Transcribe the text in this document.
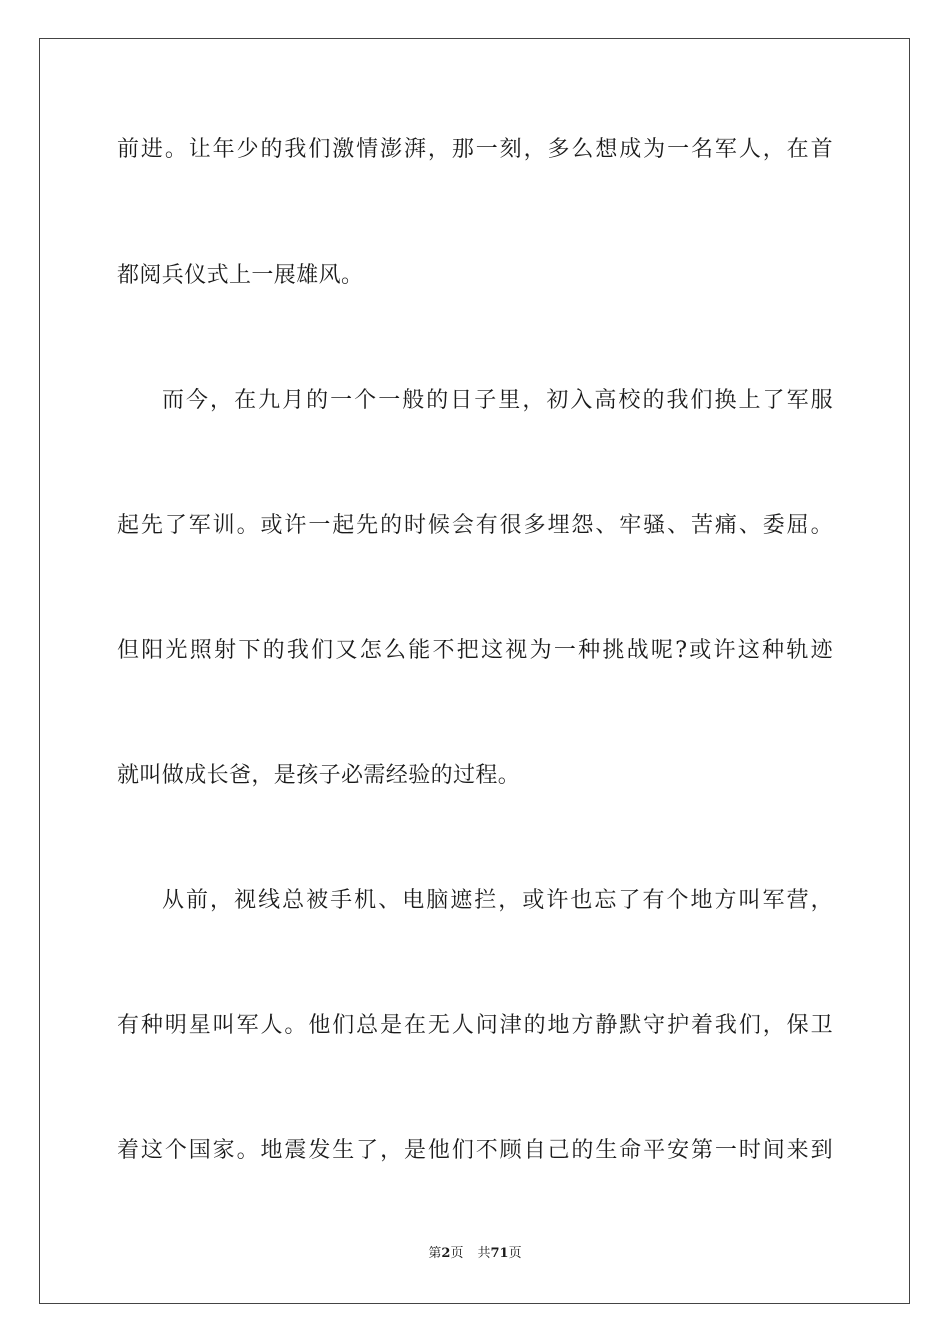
前进。让年少的我们激情澎湃，那一刻，多么想成为一名军人，在首
都阅兵仪式上一展雄风。
而今，在九月的一个一般的日子里，初入高校的我们换上了军服
起先了军训。或许一起先的时候会有很多埋怨、牢骚、苦痛、委屈。
但阳光照射下的我们又怎么能不把这视为一种挑战呢?或许这种轨迹
就叫做成长爸，是孩子必需经验的过程。
从前，视线总被手机、电脑遮拦，或许也忘了有个地方叫军营，
有种明星叫军人。他们总是在无人问津的地方静默守护着我们，保卫
着这个国家。地震发生了，是他们不顾自己的生命平安第一时间来到
第2页 共71页
